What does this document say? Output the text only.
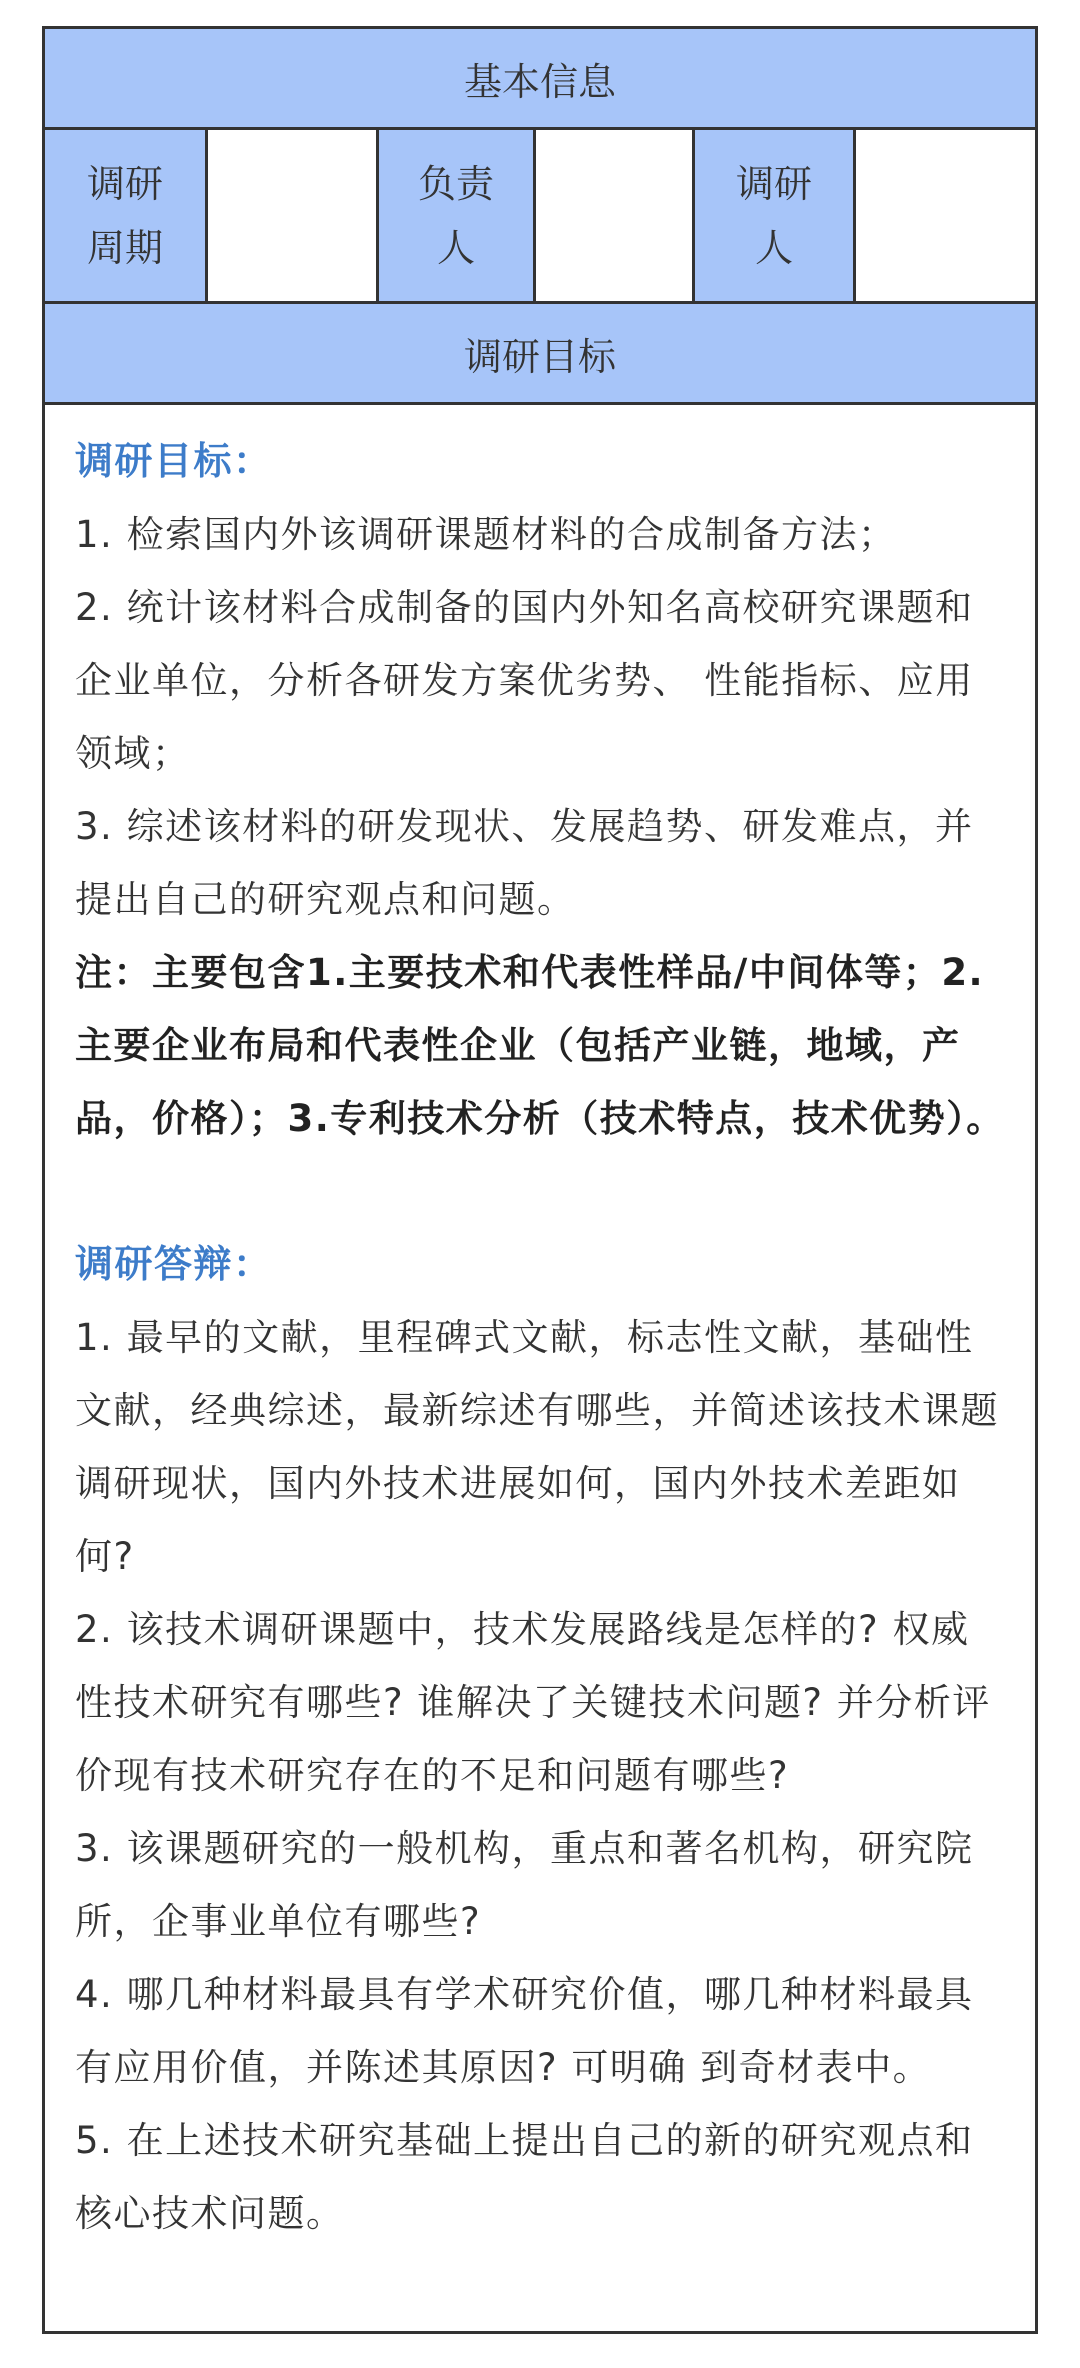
基本信息
调研
周期
负责
人
调研
人
调研目标

调研目标：

1. 检索国内外该调研课题材料的合成制备方法；

2. 统计该材料合成制备的国内外知名高校研究课题和企业单位，分析各研发方案优劣势、 性能指标、应用领域；

3. 综述该材料的研发现状、发展趋势、研发难点，并提出自己的研究观点和问题。

注：主要包含1.主要技术和代表性样品/中间体等；2.主要企业布局和代表性企业（包括产业链，地域，产品，价格）；3.专利技术分析（技术特点，技术优势）。

调研答辩：

1. 最早的文献，里程碑式文献，标志性文献，基础性文献，经典综述，最新综述有哪些，并简述该技术课题调研现状，国内外技术进展如何，国内外技术差距如何?

2. 该技术调研课题中，技术发展路线是怎样的? 权威性技术研究有哪些? 谁解决了关键技术问题? 并分析评价现有技术研究存在的不足和问题有哪些?

3. 该课题研究的一般机构，重点和著名机构，研究院所，企事业单位有哪些?

4. 哪几种材料最具有学术研究价值，哪几种材料最具有应用价值，并陈述其原因? 可明确 到奇材表中。

5. 在上述技术研究基础上提出自己的新的研究观点和核心技术问题。
